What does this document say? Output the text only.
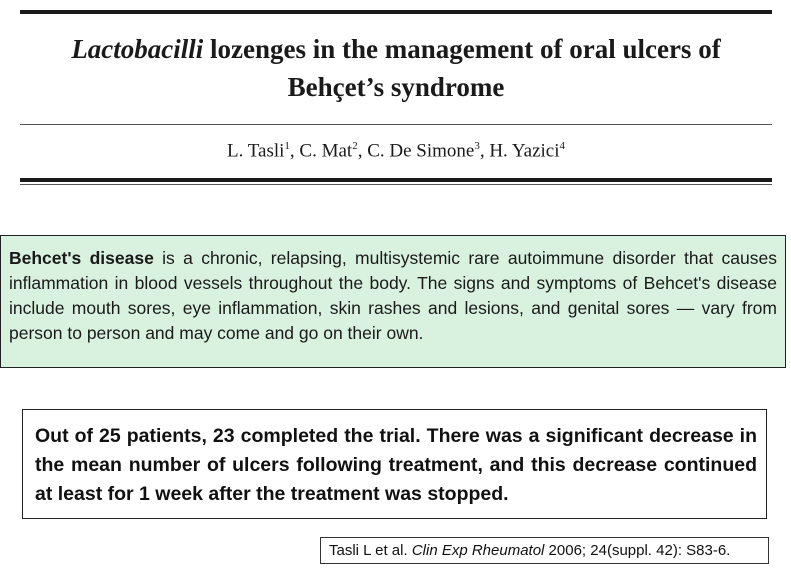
Lactobacilli lozenges in the management of oral ulcers of
Behçet’s syndrome
L. Tasli$^1$, C. Mat$^2$, C. De Simone$^3$, H. Yazici$^4$
Behcet's disease is a chronic, relapsing, multisystemic rare autoimmune disorder that causes inflammation in blood vessels throughout the body. The signs and symptoms of Behcet's disease include mouth sores, eye inflammation, skin rashes and lesions, and genital sores — vary from person to person and may come and go on their own.
Out of 25 patients, 23 completed the trial. There was a significant decrease in the mean number of ulcers following treatment, and this decrease continued at least for 1 week after the treatment was stopped.
Tasli L et al. Clin Exp Rheumatol 2006; 24(suppl. 42): S83-6.
